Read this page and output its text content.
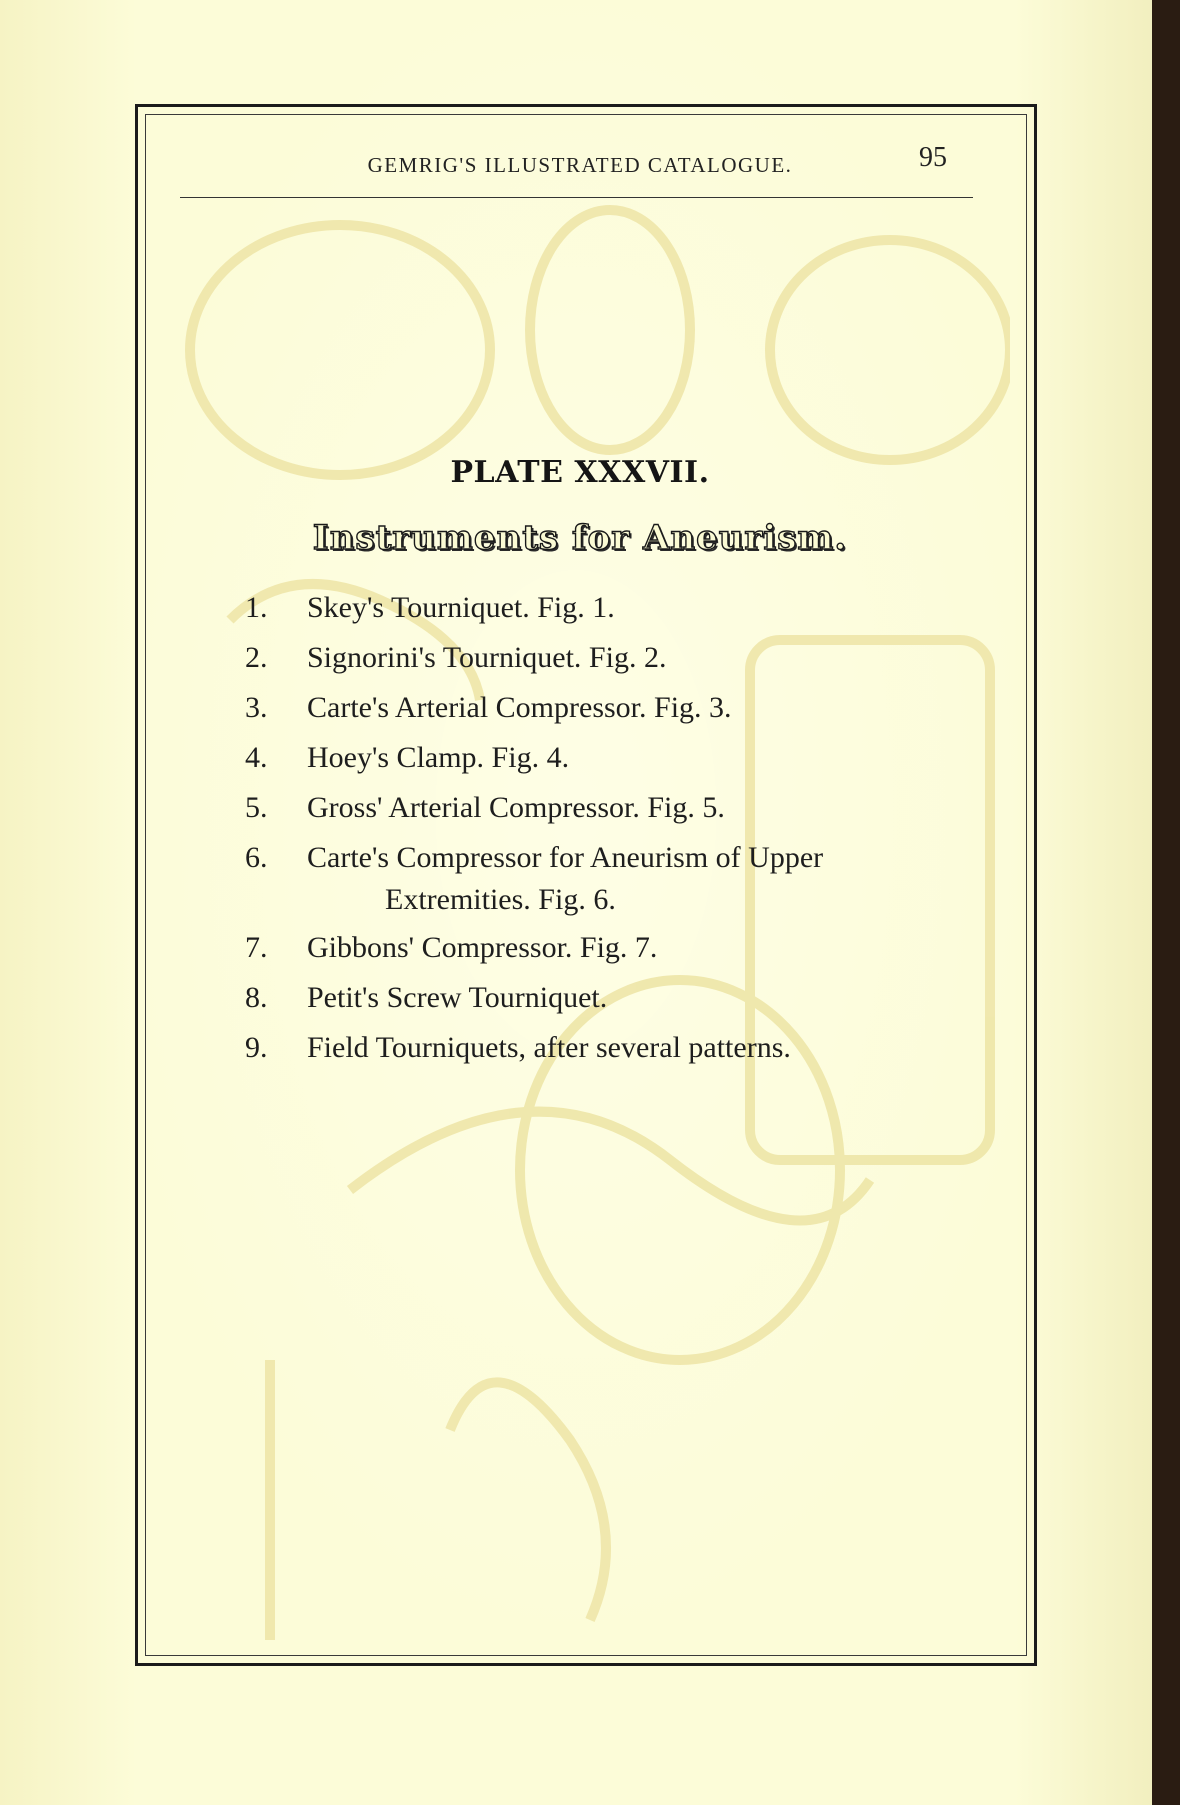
GEMRIG'S ILLUSTRATED CATALOGUE.	95
PLATE XXXVII.
Instruments for Aneurism.
1.	Skey's Tourniquet. Fig. 1.
2.	Signorini's Tourniquet. Fig. 2.
3.	Carte's Arterial Compressor. Fig. 3.
4.	Hoey's Clamp. Fig. 4.
5.	Gross' Arterial Compressor. Fig. 5.
6.	Carte's Compressor for Aneurism of Upper
Extremities. Fig. 6.
7.	Gibbons' Compressor. Fig. 7.
8.	Petit's Screw Tourniquet.
9.	Field Tourniquets, after several patterns.
